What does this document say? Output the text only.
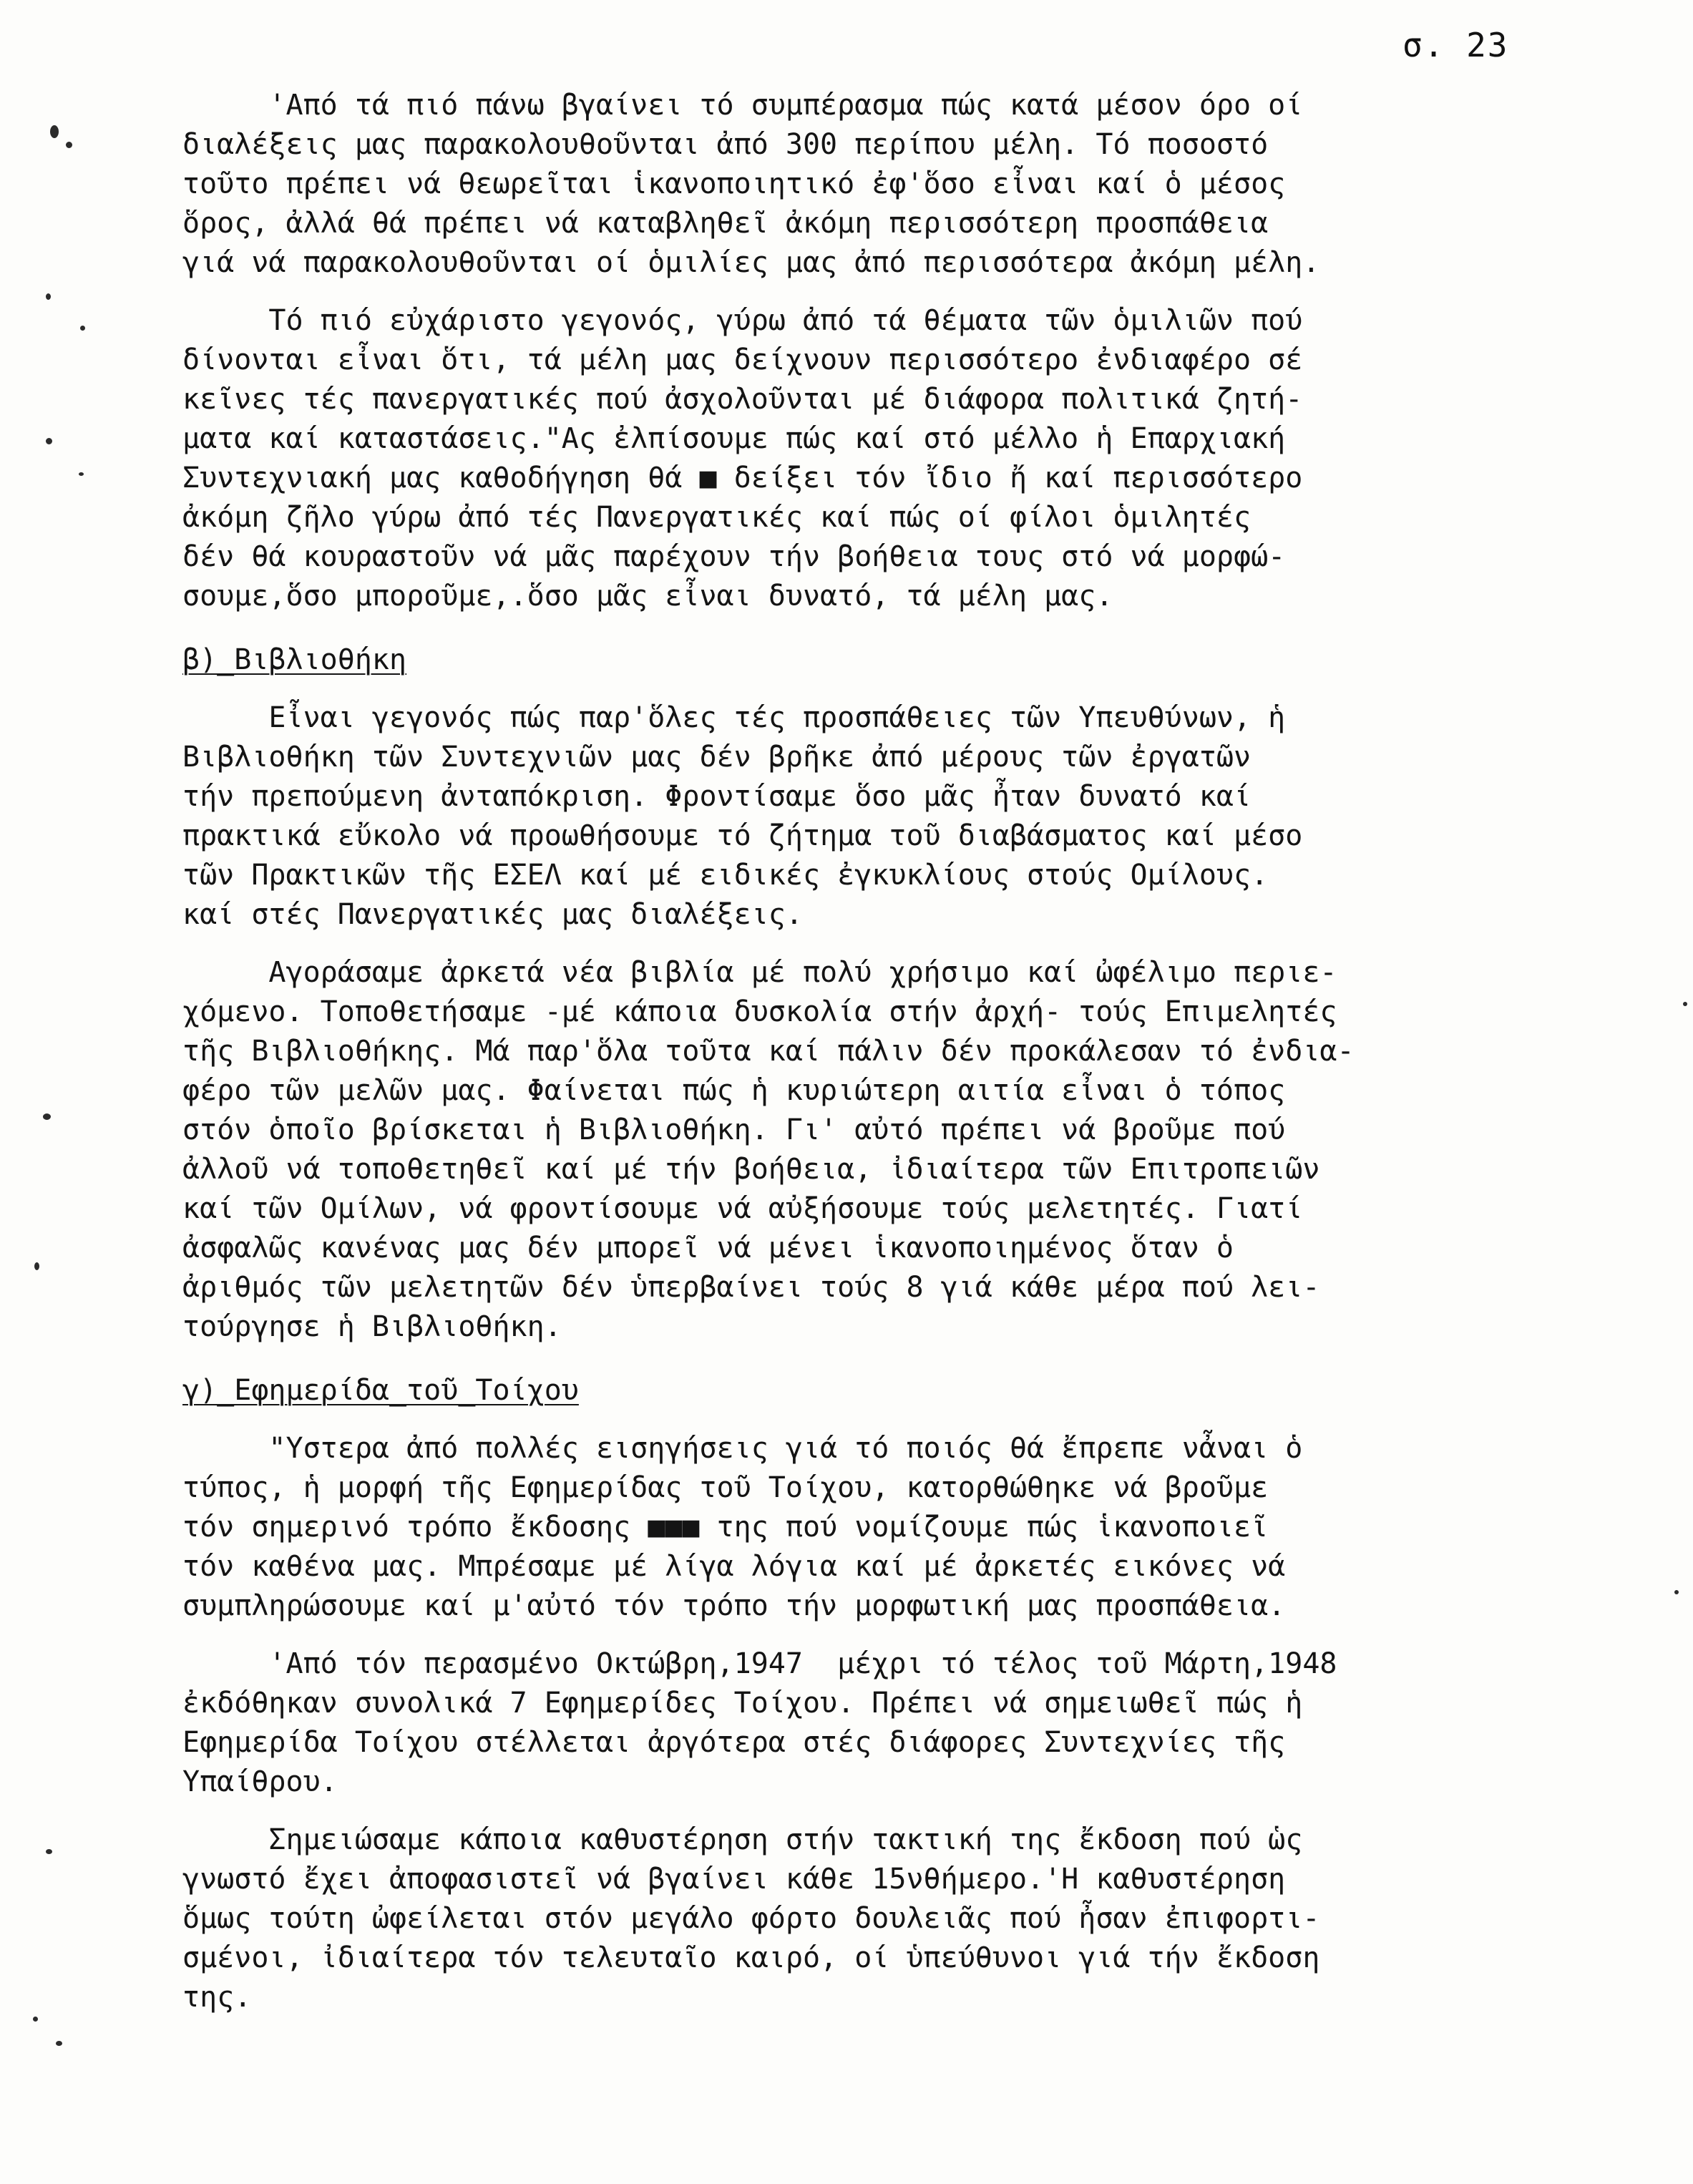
σ. 23
'Από τά πιό πάνω βγαίνει τό συμπέρασμα πώς κατά μέσον όρο οί
διαλέξεις μας παρακολουθοῦνται ἀπό 300 περίπου μέλη. Τό ποσοστό
τοῦτο πρέπει νά θεωρεῖται ἱκανοποιητικό ἐφ'ὅσο εἶναι καί ὁ μέσος
ὅρος, ἀλλά θά πρέπει νά καταβληθεῖ ἀκόμη περισσότερη προσπάθεια
γιά νά παρακολουθοῦνται οί ὁμιλίες μας ἀπό περισσότερα ἀκόμη μέλη.
Τό πιό εὐχάριστο γεγονός, γύρω ἀπό τά θέματα τῶν ὁμιλιῶν πού
δίνονται εἶναι ὅτι, τά μέλη μας δείχνουν περισσότερο ἐνδιαφέρο σέ
κεῖνες τές πανεργατικές πού ἀσχολοῦνται μέ διάφορα πολιτικά ζητή-
ματα καί καταστάσεις."Ας ἐλπίσουμε πώς καί στό μέλλο ἡ Επαρχιακή
Συντεχνιακή μας καθοδήγηση θά ■ δείξει τόν ἴδιο ἤ καί περισσότερο
ἀκόμη ζῆλο γύρω ἀπό τές Πανεργατικές καί πώς οί φίλοι ὁμιλητές
δέν θά κουραστοῦν νά μᾶς παρέχουν τήν βοήθεια τους στό νά μορφώ-
σουμε,ὅσο μποροῦμε,.ὅσο μᾶς εἶναι δυνατό, τά μέλη μας.
β)_Βιβλιοθήκη
Εἶναι γεγονός πώς παρ'ὅλες τές προσπάθειες τῶν Υπευθύνων, ἡ
Βιβλιοθήκη τῶν Συντεχνιῶν μας δέν βρῆκε ἀπό μέρους τῶν ἐργατῶν
τήν πρεπούμενη ἀνταπόκριση. Φροντίσαμε ὅσο μᾶς ἦταν δυνατό καί
πρακτικά εὔκολο νά προωθήσουμε τό ζήτημα τοῦ διαβάσματος καί μέσο
τῶν Πρακτικῶν τῆς ΕΣΕΛ καί μέ ειδικές ἐγκυκλίους στούς Ομίλους.
καί στές Πανεργατικές μας διαλέξεις.
Αγοράσαμε ἀρκετά νέα βιβλία μέ πολύ χρήσιμο καί ὠφέλιμο περιε-
χόμενο. Τοποθετήσαμε -μέ κάποια δυσκολία στήν ἀρχή- τούς Επιμελητές
τῆς Βιβλιοθήκης. Μά παρ'ὅλα τοῦτα καί πάλιν δέν προκάλεσαν τό ἐνδια-
φέρο τῶν μελῶν μας. Φαίνεται πώς ἡ κυριώτερη αιτία εἶναι ὁ τόπος
στόν ὁποῖο βρίσκεται ἡ Βιβλιοθήκη. Γι' αὐτό πρέπει νά βροῦμε πού
ἀλλοῦ νά τοποθετηθεῖ καί μέ τήν βοήθεια, ἰδιαίτερα τῶν Επιτροπειῶν
καί τῶν Ομίλων, νά φροντίσουμε νά αὐξήσουμε τούς μελετητές. Γιατί
ἀσφαλῶς κανένας μας δέν μπορεῖ νά μένει ἱκανοποιημένος ὅταν ὁ
ἀριθμός τῶν μελετητῶν δέν ὑπερβαίνει τούς 8 γιά κάθε μέρα πού λει-
τούργησε ἡ Βιβλιοθήκη.
γ)_Εφημερίδα_τοῦ_Τοίχου
"Υστερα ἀπό πολλές εισηγήσεις γιά τό ποιός θά ἔπρεπε νἆναι ὁ
τύπος, ἡ μορφή τῆς Εφημερίδας τοῦ Τοίχου, κατορθώθηκε νά βροῦμε
τόν σημερινό τρόπο ἔκδοσης ■■■ της πού νομίζουμε πώς ἱκανοποιεῖ
τόν καθένα μας. Μπρέσαμε μέ λίγα λόγια καί μέ ἀρκετές εικόνες νά
συμπληρώσουμε καί μ'αὐτό τόν τρόπο τήν μορφωτική μας προσπάθεια.
'Από τόν περασμένο Οκτώβρη,1947  μέχρι τό τέλος τοῦ Μάρτη,1948
ἐκδόθηκαν συνολικά 7 Εφημερίδες Τοίχου. Πρέπει νά σημειωθεῖ πώς ἡ
Εφημερίδα Τοίχου στέλλεται ἀργότερα στές διάφορες Συντεχνίες τῆς
Υπαίθρου.
Σημειώσαμε κάποια καθυστέρηση στήν τακτική της ἔκδοση πού ὡς
γνωστό ἔχει ἀποφασιστεῖ νά βγαίνει κάθε 15νθήμερο.'Η καθυστέρηση
ὅμως τούτη ὠφείλεται στόν μεγάλο φόρτο δουλειᾶς πού ἦσαν ἐπιφορτι-
σμένοι, ἰδιαίτερα τόν τελευταῖο καιρό, οί ὑπεύθυνοι γιά τήν ἔκδοση
της.
